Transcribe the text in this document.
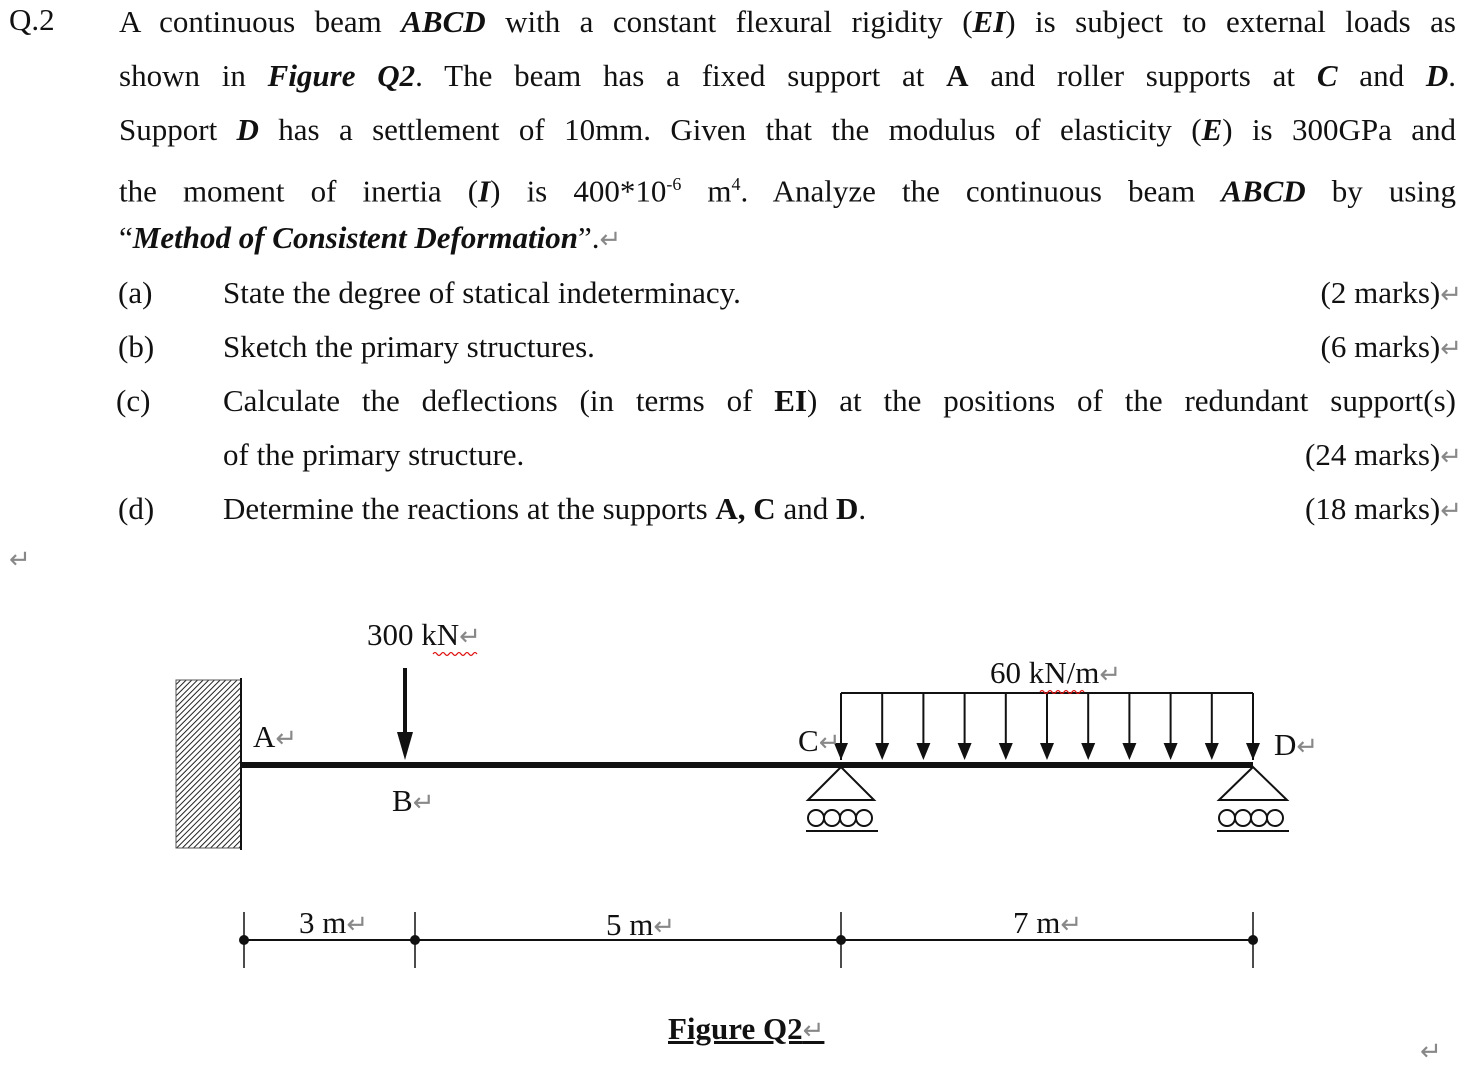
Q.2 A continuous beam ABCD with a constant flexural rigidity (EI) is subject to external loads as
shown in Figure Q2. The beam has a fixed support at A and roller supports at C and D.
Support D has a settlement of 10mm. Given that the modulus of elasticity (E) is 300GPa and
the moment of inertia (I) is $400*10^{-6}$ $m^4$. Analyze the continuous beam ABCD by using
“Method of Consistent Deformation”.↵
(a) State the degree of statical indeterminacy.	(2 marks)↵
(b) Sketch the primary structures.	(6 marks)↵
(c) Calculate the deflections (in terms of EI) at the positions of the redundant support(s)
of the primary structure.	(24 marks)↵
(d) Determine the reactions at the supports A, C and D.	(18 marks)↵
↵
↵
300 kN↵
60 kN/m↵
A↵
B↵
C↵	D↵
3 m↵	5 m↵	7 m↵
Figure Q2↵
